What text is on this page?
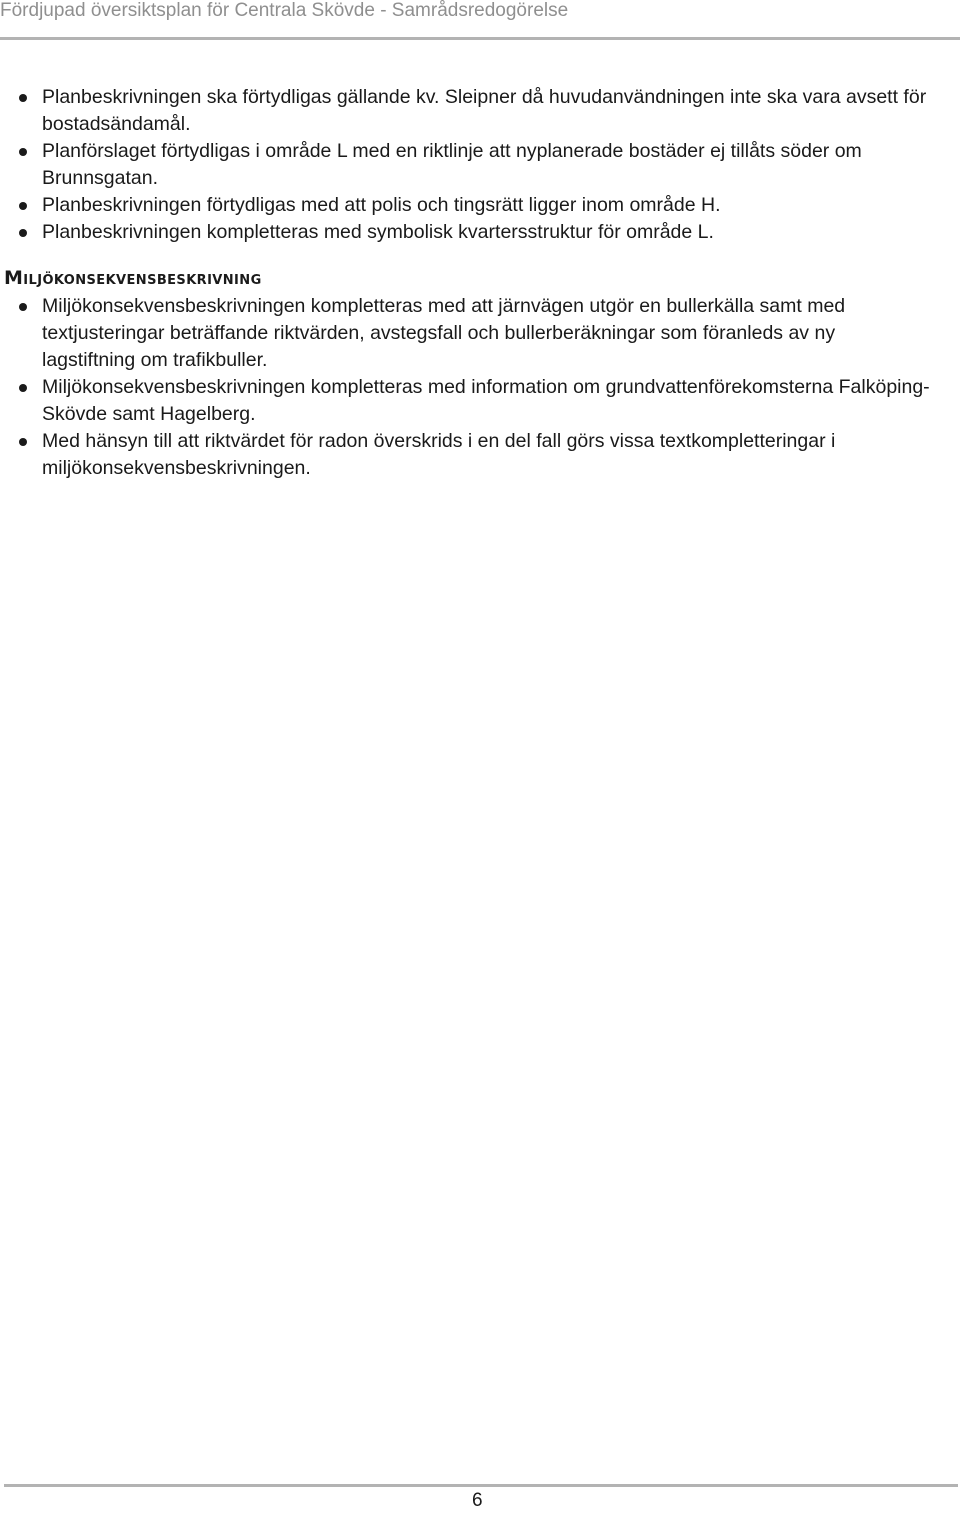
Fördjupad översiktsplan för Centrala Skövde - Samrådsredogörelse
Planbeskrivningen ska förtydligas gällande kv. Sleipner då huvudanvändningen inte ska vara avsett för bostadsändamål.
Planförslaget förtydligas i område L med en riktlinje att nyplanerade bostäder ej tillåts söder om Brunnsgatan.
Planbeskrivningen förtydligas med att polis och tingsrätt ligger inom område H.
Planbeskrivningen kompletteras med symbolisk kvartersstruktur för område L.
Miljökonsekvensbeskrivning
Miljökonsekvensbeskrivningen kompletteras med att järnvägen utgör en bullerkälla samt med textjusteringar beträffande riktvärden, avstegsfall och bullerberäkningar som föranleds av ny lagstiftning om trafikbuller.
Miljökonsekvensbeskrivningen kompletteras med information om grundvattenförekomsterna Falköping-Skövde samt Hagelberg.
Med hänsyn till att riktvärdet för radon överskrids i en del fall görs vissa textkompletteringar i miljökonsekvensbeskrivningen.
6
